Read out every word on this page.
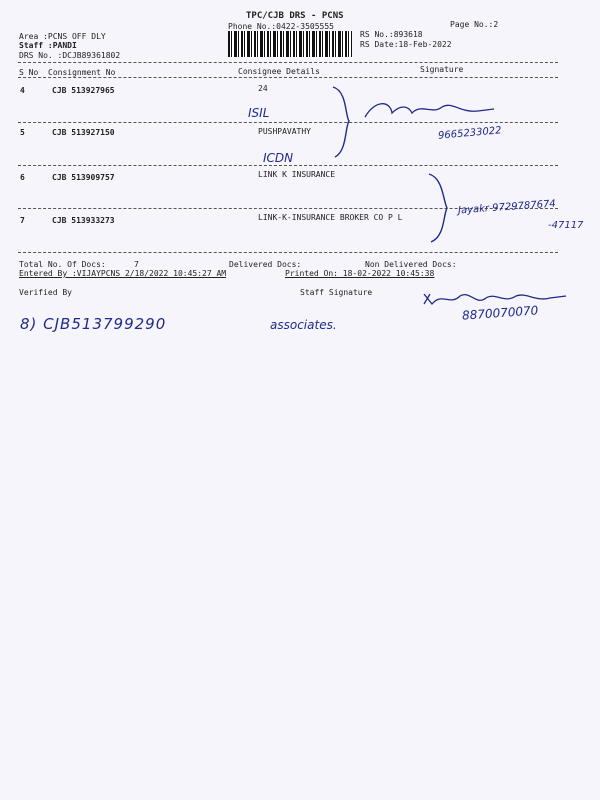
TPC/CJB DRS - PCNS
Phone No.:0422-3505555	Page No.:2
Area :PCNS OFF DLY
Staff :PANDI
DRS No. :DCJB89361802
RS No.:893618
RS Date:18-Feb-2022
S No Consignment No	Consignee Details	Signature
4	CJB 513927965	24
5	CJB 513927150	PUSHPAVATHY
6	CJB 513909757	LINK K INSURANCE
7	CJB 513933273	LINK-K-INSURANCE BROKER CO P L
Total No. Of Docs:	7	Delivered Docs:	Non Delivered Docs:
Entered By :VIJAYPCNS 2/18/2022 10:45:27 AM	Printed On: 18-02-2022 10:45:38
Verified By	Staff Signature
ISIL
ICDN
9665233022
Jayakr 9729787674
-47117
8) CJB513799290	associates.
8870070070
